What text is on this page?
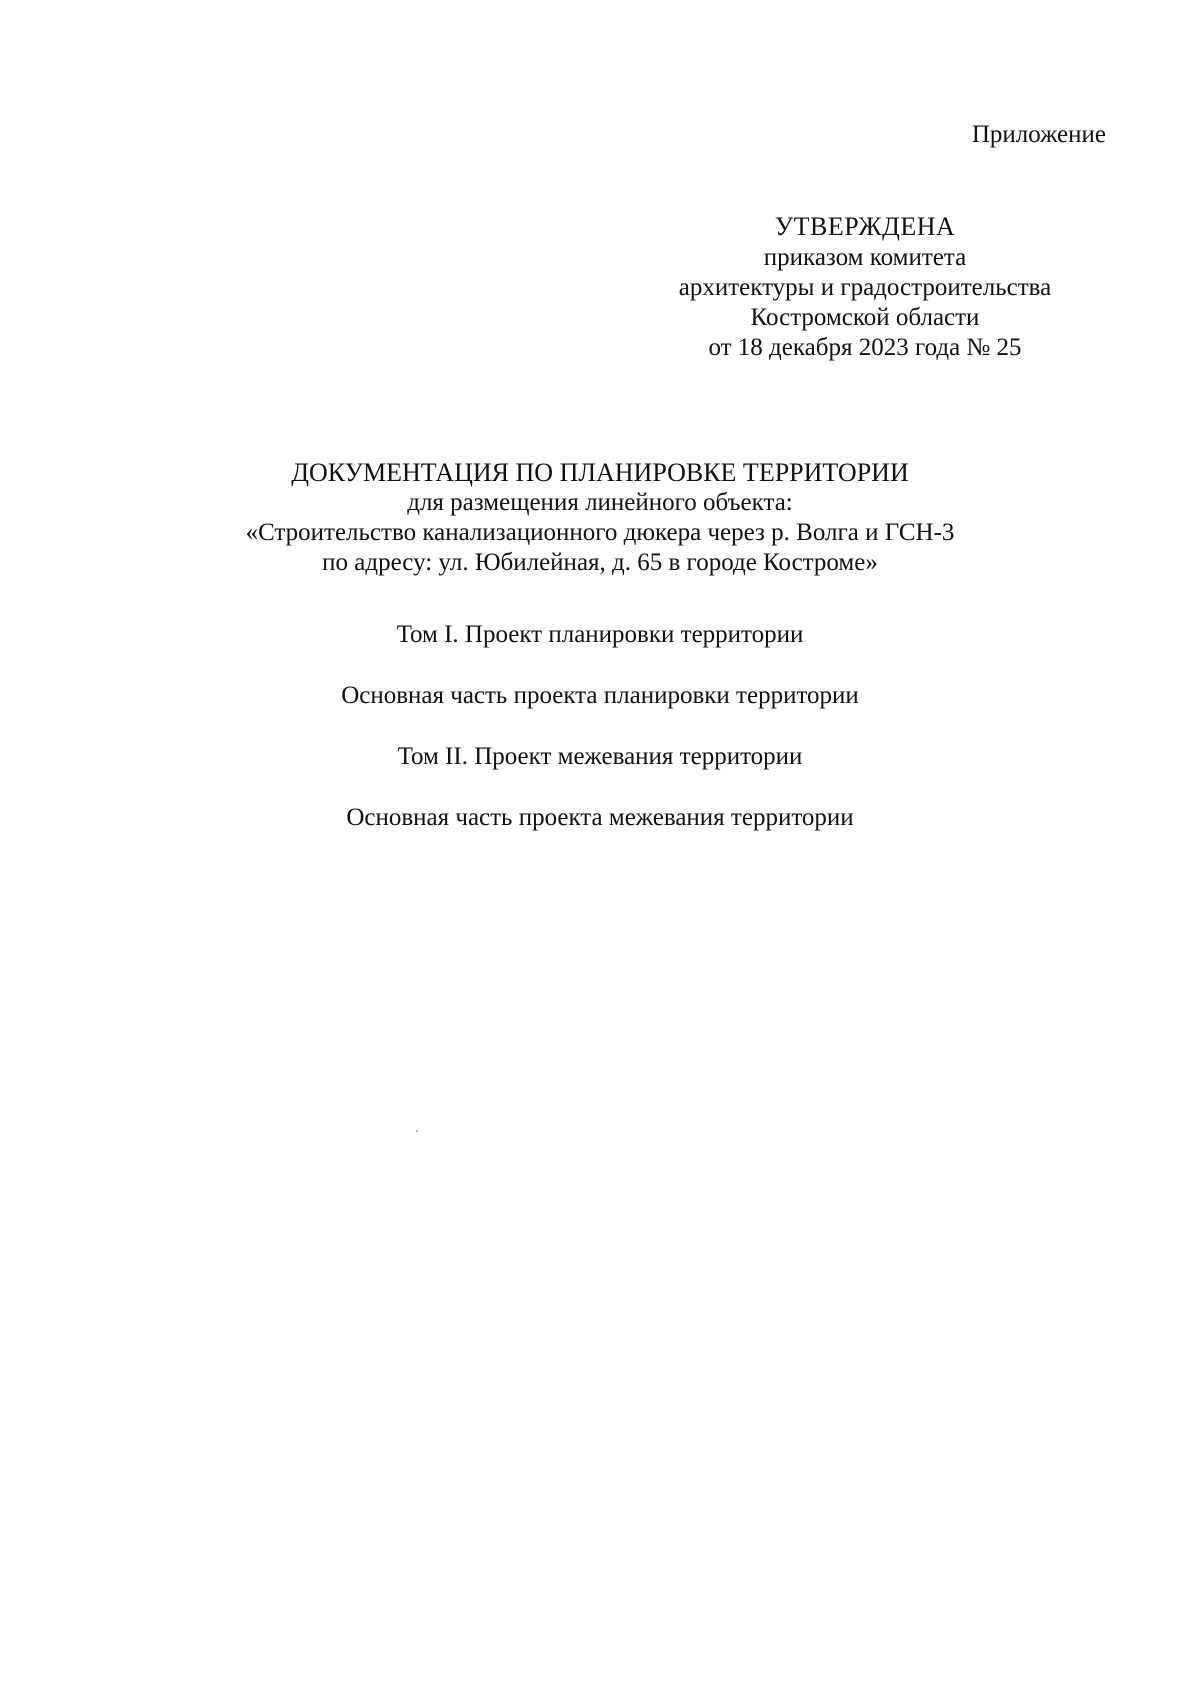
Приложение
УТВЕРЖДЕНА
приказом комитета
архитектуры и градостроительства
Костромской области
от 18 декабря 2023 года № 25
ДОКУМЕНТАЦИЯ ПО ПЛАНИРОВКЕ ТЕРРИТОРИИ
для размещения линейного объекта:
«Строительство канализационного дюкера через р. Волга и ГСН-3
по адресу: ул. Юбилейная, д. 65 в городе Костроме»
Том I. Проект планировки территории
Основная часть проекта планировки территории
Том II. Проект межевания территории
Основная часть проекта межевания территории
